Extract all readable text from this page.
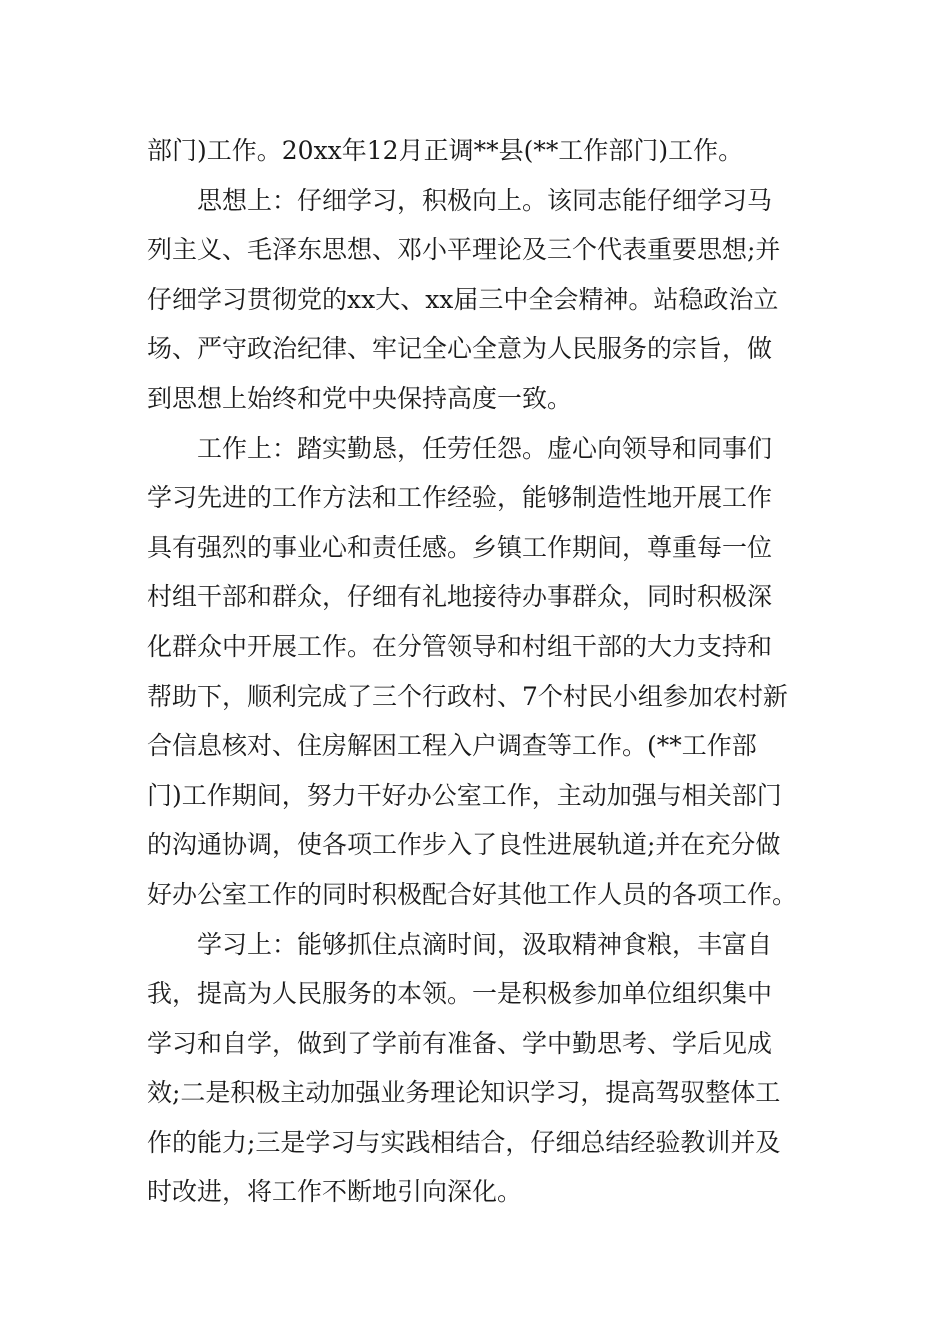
部门)工作。20xx年12月正调**县(**工作部门)工作。
思想上：仔细学习，积极向上。该同志能仔细学习马
列主义、毛泽东思想、邓小平理论及三个代表重要思想;并
仔细学习贯彻党的xx大、xx届三中全会精神。站稳政治立
场、严守政治纪律、牢记全心全意为人民服务的宗旨，做
到思想上始终和党中央保持高度一致。
工作上：踏实勤恳，任劳任怨。虚心向领导和同事们
学习先进的工作方法和工作经验，能够制造性地开展工作
具有强烈的事业心和责任感。乡镇工作期间，尊重每一位
村组干部和群众，仔细有礼地接待办事群众，同时积极深
化群众中开展工作。在分管领导和村组干部的大力支持和
帮助下，顺利完成了三个行政村、7个村民小组参加农村新
合信息核对、住房解困工程入户调查等工作。(**工作部
门)工作期间，努力干好办公室工作，主动加强与相关部门
的沟通协调，使各项工作步入了良性进展轨道;并在充分做
好办公室工作的同时积极配合好其他工作人员的各项工作。
学习上：能够抓住点滴时间，汲取精神食粮，丰富自
我，提高为人民服务的本领。一是积极参加单位组织集中
学习和自学，做到了学前有准备、学中勤思考、学后见成
效;二是积极主动加强业务理论知识学习，提高驾驭整体工
作的能力;三是学习与实践相结合，仔细总结经验教训并及
时改进，将工作不断地引向深化。
